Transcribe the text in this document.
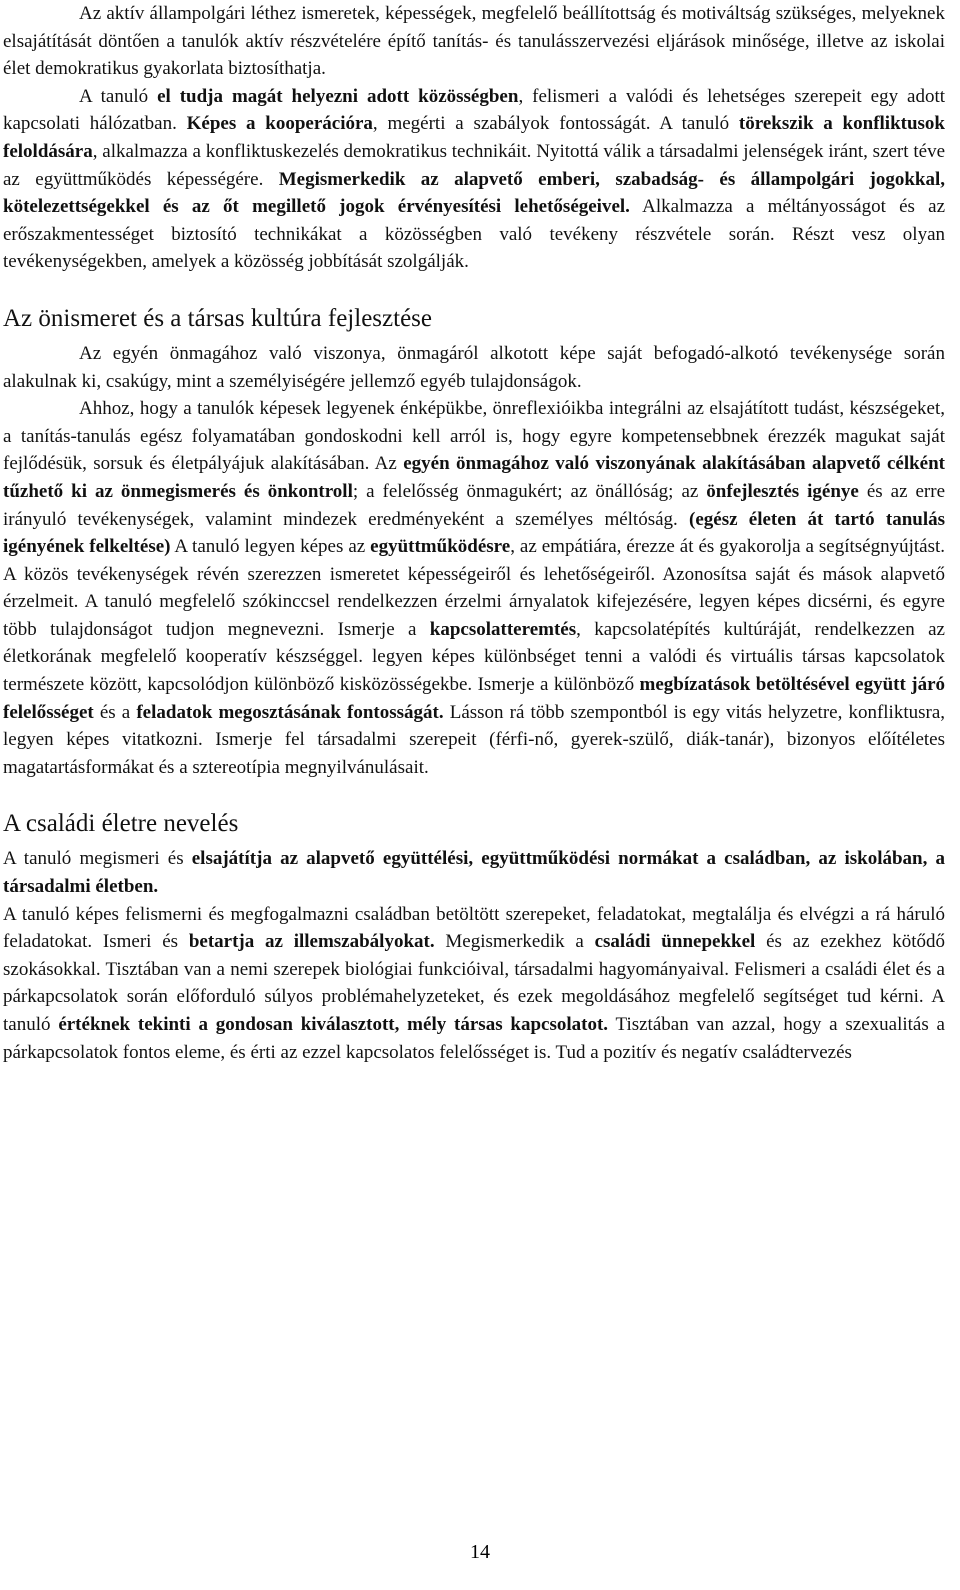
Az aktív állampolgári léthez ismeretek, képességek, megfelelő beállítottság és motiváltság szükséges, melyeknek elsajátítását döntően a tanulók aktív részvételére építő tanítás- és tanulásszervezési eljárások minősége, illetve az iskolai élet demokratikus gyakorlata biztosíthatja.

A tanuló el tudja magát helyezni adott közösségben, felismeri a valódi és lehetséges szerepeit egy adott kapcsolati hálózatban. Képes a kooperációra, megérti a szabályok fontosságát. A tanuló törekszik a konfliktusok feloldására, alkalmazza a konfliktuskezelés demokratikus technikáit. Nyitottá válik a társadalmi jelenségek iránt, szert téve az együttműködés képességére. Megismerkedik az alapvető emberi, szabadság- és állampolgári jogokkal, kötelezettségekkel és az őt megillető jogok érvényesítési lehetőségeivel. Alkalmazza a méltányosságot és az erőszakmentességet biztosító technikákat a közösségben való tevékeny részvétele során. Részt vesz olyan tevékenységekben, amelyek a közösség jobbítását szolgálják.

Az önismeret és a társas kultúra fejlesztése

Az egyén önmagához való viszonya, önmagáról alkotott képe saját befogadó-alkotó tevékenysége során alakulnak ki, csakúgy, mint a személyiségére jellemző egyéb tulajdonságok.

Ahhoz, hogy a tanulók képesek legyenek énképükbe, önreflexióikba integrálni az elsajátított tudást, készségeket, a tanítás-tanulás egész folyamatában gondoskodni kell arról is, hogy egyre kompetensebbnek érezzék magukat saját fejlődésük, sorsuk és életpályájuk alakításában. Az egyén önmagához való viszonyának alakításában alapvető célként tűzhető ki az önmegismerés és önkontroll; a felelősség önmagukért; az önállóság; az önfejlesztés igénye és az erre irányuló tevékenységek, valamint mindezek eredményeként a személyes méltóság. (egész életen át tartó tanulás igényének felkeltése) A tanuló legyen képes az együttműködésre, az empátiára, érezze át és gyakorolja a segítségnyújtást. A közös tevékenységek révén szerezzen ismeretet képességeiről és lehetőségeiről. Azonosítsa saját és mások alapvető érzelmeit. A tanuló megfelelő szókinccsel rendelkezzen érzelmi árnyalatok kifejezésére, legyen képes dicsérni, és egyre több tulajdonságot tudjon megnevezni. Ismerje a kapcsolatteremtés, kapcsolatépítés kultúráját, rendelkezzen az életkorának megfelelő kooperatív készséggel. legyen képes különbséget tenni a valódi és virtuális társas kapcsolatok természete között, kapcsolódjon különböző kisközösségekbe. Ismerje a különböző megbízatások betöltésével együtt járó felelősséget és a feladatok megosztásának fontosságát. Lásson rá több szempontból is egy vitás helyzetre, konfliktusra, legyen képes vitatkozni. Ismerje fel társadalmi szerepeit (férfi-nő, gyerek-szülő, diák-tanár), bizonyos előítéletes magatartásformákat és a sztereotípia megnyilvánulásait.

A családi életre nevelés

A tanuló megismeri és elsajátítja az alapvető együttélési, együttműködési normákat a családban, az iskolában, a társadalmi életben.

A tanuló képes felismerni és megfogalmazni családban betöltött szerepeket, feladatokat, megtalálja és elvégzi a rá háruló feladatokat. Ismeri és betartja az illemszabályokat. Megismerkedik a családi ünnepekkel és az ezekhez kötődő szokásokkal. Tisztában van a nemi szerepek biológiai funkcióival, társadalmi hagyományaival. Felismeri a családi élet és a párkapcsolatok során előforduló súlyos problémahelyzeteket, és ezek megoldásához megfelelő segítséget tud kérni. A tanuló értéknek tekinti a gondosan kiválasztott, mély társas kapcsolatot. Tisztában van azzal, hogy a szexualitás a párkapcsolatok fontos eleme, és érti az ezzel kapcsolatos felelősséget is. Tud a pozitív és negatív családtervezés

14
